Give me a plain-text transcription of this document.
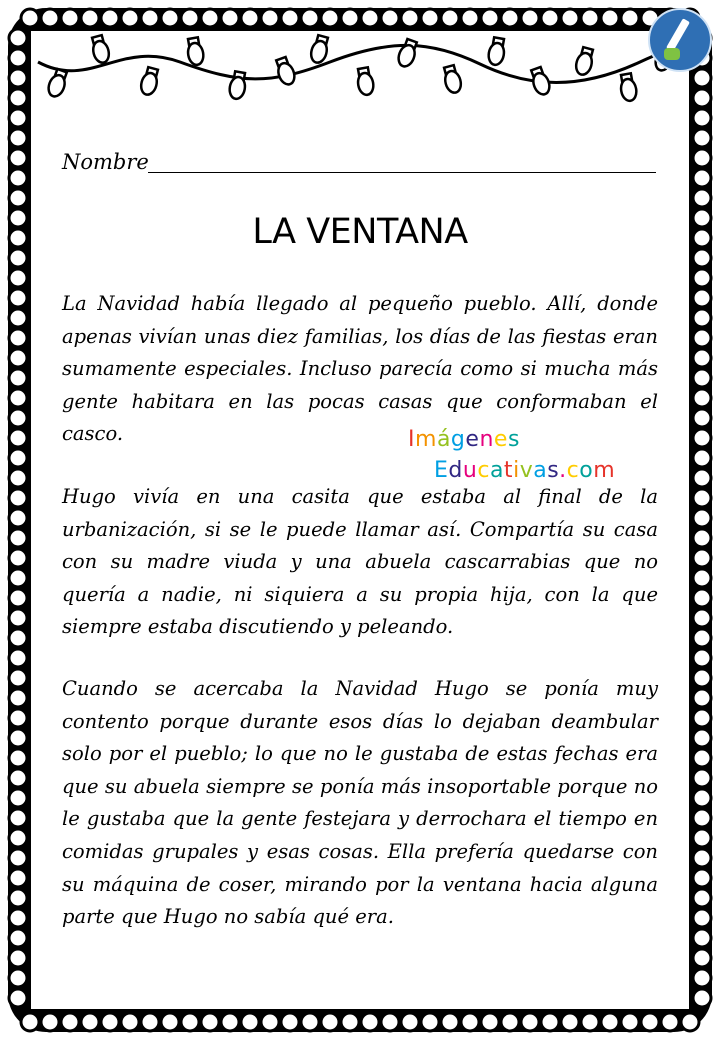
Nombre
LA VENTANA
La Navidad había llegado al pequeño pueblo. Allí, donde apenas vivían unas diez familias, los días de las fiestas eran sumamente especiales. Incluso parecía como si mucha más gente habitara en las pocas casas que conformaban el casco.
Hugo vivía en una casita que estaba al final de la urbanización, si se le puede llamar así. Compartía su casa con su madre viuda y una abuela cascarrabias que no quería a nadie, ni siquiera a su propia hija, con la que siempre estaba discutiendo y peleando.
Cuando se acercaba la Navidad Hugo se ponía muy contento porque durante esos días lo dejaban deambular solo por el pueblo; lo que no le gustaba de estas fechas era que su abuela siempre se ponía más insoportable porque no le gustaba que la gente festejara y derrochara el tiempo en comidas grupales y esas cosas. Ella prefería quedarse con su máquina de coser, mirando por la ventana hacia alguna parte que Hugo no sabía qué era.
Imágenes
Educativas.com
